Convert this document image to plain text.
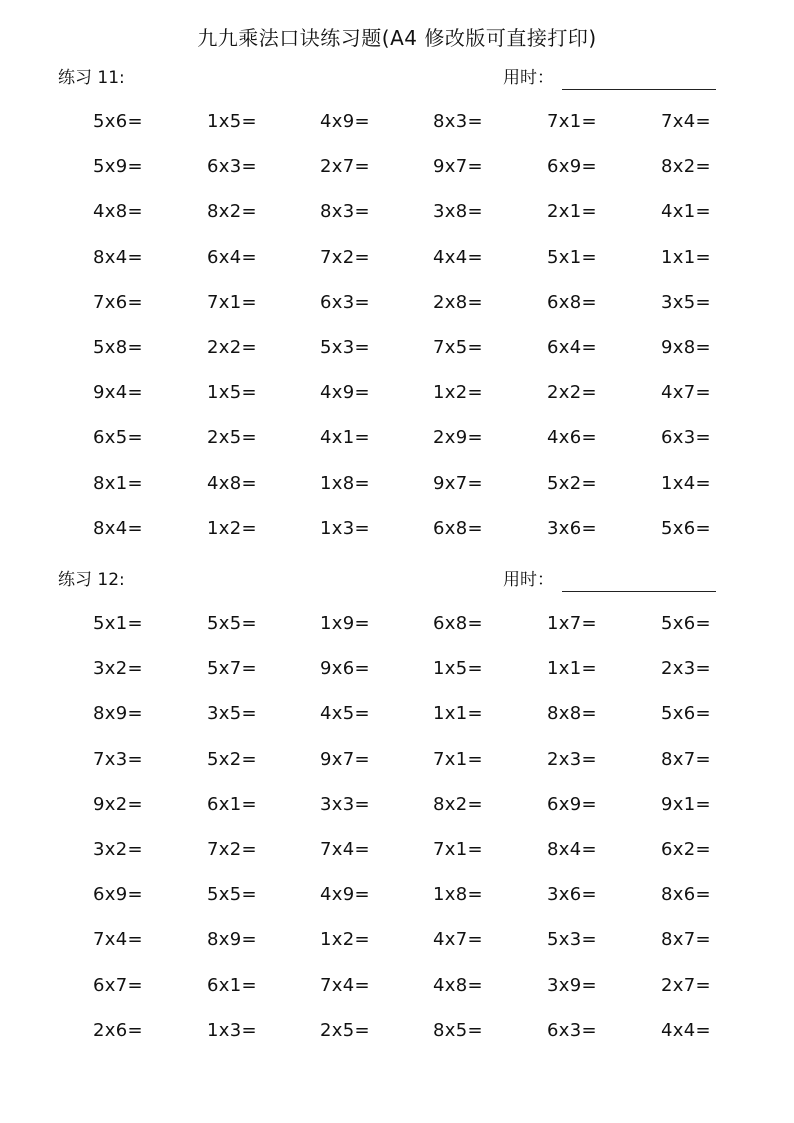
九九乘法口诀练习题(A4 修改版可直接打印)
练习 11:	用时：
5x6=	1x5=	4x9=	8x3=	7x1=	7x4=
5x9=	6x3=	2x7=	9x7=	6x9=	8x2=
4x8=	8x2=	8x3=	3x8=	2x1=	4x1=
8x4=	6x4=	7x2=	4x4=	5x1=	1x1=
7x6=	7x1=	6x3=	2x8=	6x8=	3x5=
5x8=	2x2=	5x3=	7x5=	6x4=	9x8=
9x4=	1x5=	4x9=	1x2=	2x2=	4x7=
6x5=	2x5=	4x1=	2x9=	4x6=	6x3=
8x1=	4x8=	1x8=	9x7=	5x2=	1x4=
8x4=	1x2=	1x3=	6x8=	3x6=	5x6=
练习 12:	用时：
5x1=	5x5=	1x9=	6x8=	1x7=	5x6=
3x2=	5x7=	9x6=	1x5=	1x1=	2x3=
8x9=	3x5=	4x5=	1x1=	8x8=	5x6=
7x3=	5x2=	9x7=	7x1=	2x3=	8x7=
9x2=	6x1=	3x3=	8x2=	6x9=	9x1=
3x2=	7x2=	7x4=	7x1=	8x4=	6x2=
6x9=	5x5=	4x9=	1x8=	3x6=	8x6=
7x4=	8x9=	1x2=	4x7=	5x3=	8x7=
6x7=	6x1=	7x4=	4x8=	3x9=	2x7=
2x6=	1x3=	2x5=	8x5=	6x3=	4x4=
